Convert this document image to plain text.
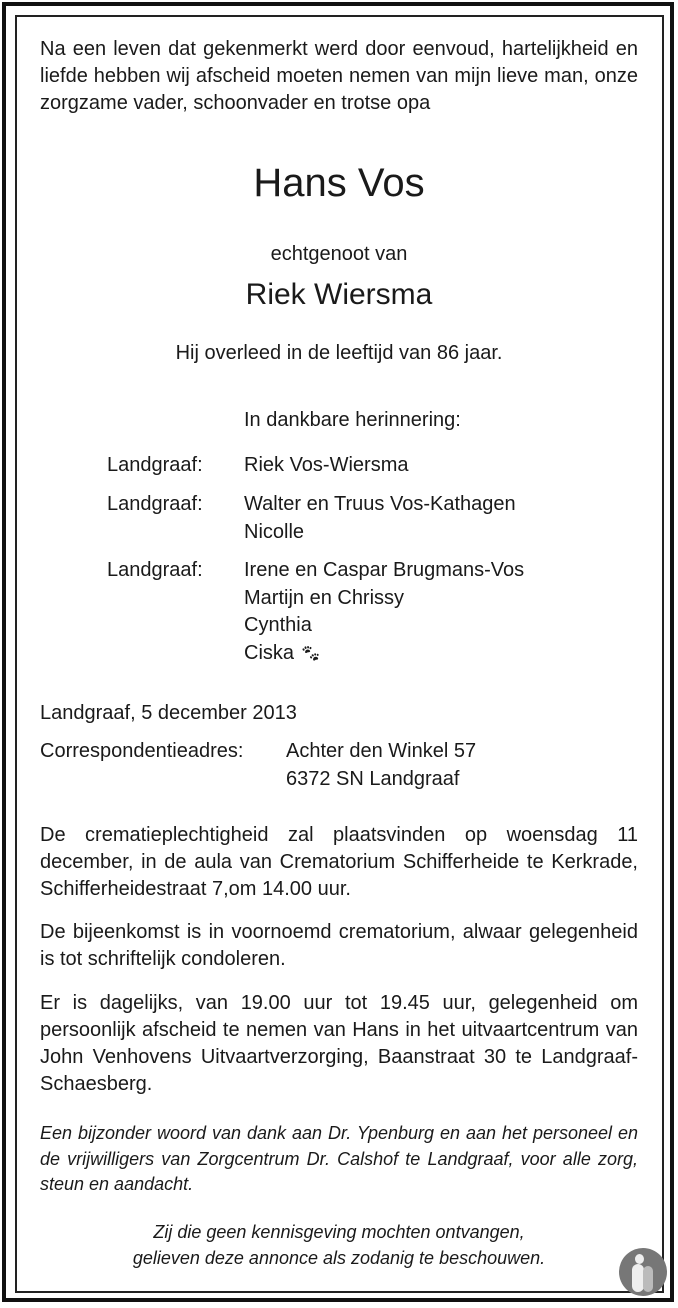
Na een leven dat gekenmerkt werd door eenvoud, hartelijkheid en liefde hebben wij afscheid moeten nemen van mijn lieve man, onze zorgzame vader, schoonvader en trotse opa
Hans Vos
echtgenoot van
Riek Wiersma
Hij overleed in de leeftijd van 86 jaar.
In dankbare herinnering:
Landgraaf: Riek Vos-Wiersma
Landgraaf: Walter en Truus Vos-Kathagen
Nicolle
Landgraaf: Irene en Caspar Brugmans-Vos
Martijn en Chrissy
Cynthia
Ciska 🐾︎
Landgraaf, 5 december 2013
Correspondentieadres: Achter den Winkel 57
6372 SN Landgraaf
De crematieplechtigheid zal plaatsvinden op woensdag 11 december, in de aula van Crematorium Schifferheide te Kerkrade, Schifferheidestraat 7,om 14.00 uur.
De bijeenkomst is in voornoemd crematorium, alwaar gelegenheid is tot schriftelijk condoleren.
Er is dagelijks, van 19.00 uur tot 19.45 uur, gelegenheid om persoonlijk afscheid te nemen van Hans in het uitvaartcentrum van John Venhovens Uitvaartverzorging, Baanstraat 30 te Landgraaf-Schaesberg.
Een bijzonder woord van dank aan Dr. Ypenburg en aan het personeel en de vrijwilligers van Zorgcentrum Dr. Calshof te Landgraaf, voor alle zorg, steun en aandacht.
Zij die geen kennisgeving mochten ontvangen,
gelieven deze annonce als zodanig te beschouwen.
